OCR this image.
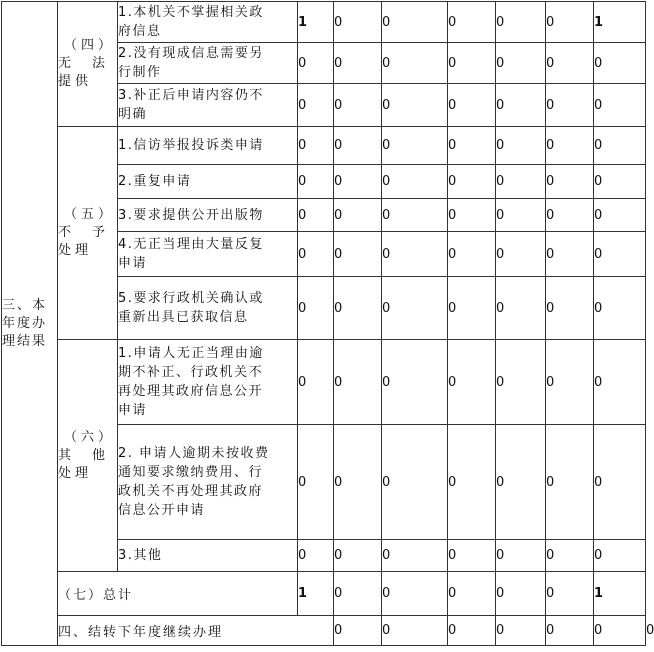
三、本
年度办
理结果	（四）
无　法
提供	1.本机关不掌握相关政
府信息	1	0	0	0	0	0	1	

		2.没有现成信息需要另
行制作	0	0	0	0	0	0	0	

		3.补正后申请内容仍不
明确	0	0	0	0	0	0	0	

	（五）
不　予
处理	1.信访举报投诉类申请	0	0	0	0	0	0	0	
		2.重复申请	0	0	0	0	0	0	0	
		3.要求提供公开出版物	0	0	0	0	0	0	0	

		4.无正当理由大量反复
申请	0	0	0	0	0	0	0	

		5.要求行政机关确认或
重新出具已获取信息	0	0	0	0	0	0	0	

	（六）
其　他
处理	1.申请人无正当理由逾
期不补正、行政机关不
再处理其政府信息公开
申请	0	0	0	0	0	0	0	

		2. 申请人逾期未按收费
通知要求缴纳费用、行
政机关不再处理其政府
信息公开申请	0	0	0	0	0	0	0	
		3.其他	0	0	0	0	0	0	0	
	（七）总计		1	0	0	0	0	0	1	
	四、结转下年度继续办理			0	0	0	0	0	0	0
